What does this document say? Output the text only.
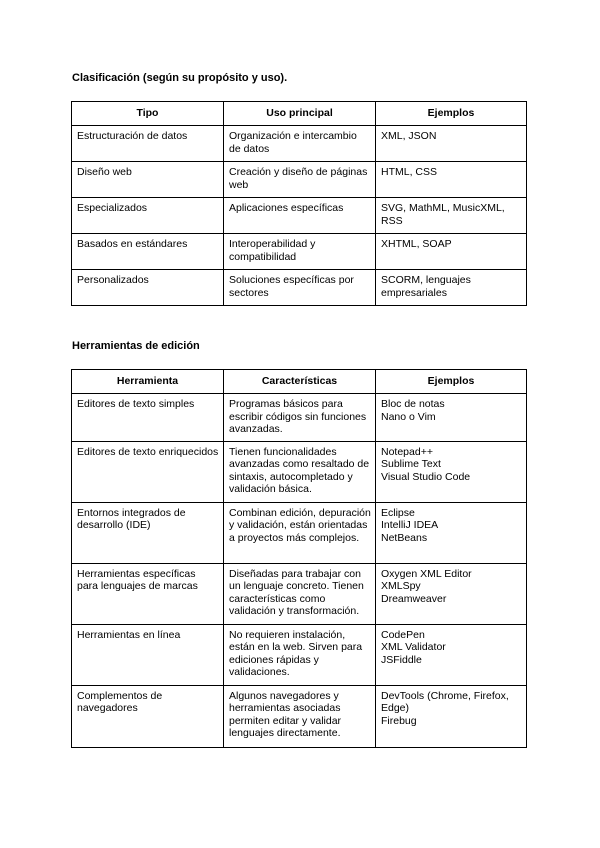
Clasificación (según su propósito y uso).
Tipo	Uso principal	Ejemplos
Estructuración de datos	Organización e intercambio de datos	XML, JSON
Diseño web	Creación y diseño de páginas web	HTML, CSS
Especializados	Aplicaciones específicas	SVG, MathML, MusicXML, RSS
Basados en estándares	Interoperabilidad y compatibilidad	XHTML, SOAP
Personalizados	Soluciones específicas por sectores	SCORM, lenguajes empresariales
Herramientas de edición
Herramienta	Características	Ejemplos
Editores de texto simples	Programas básicos para escribir códigos sin funciones avanzadas.	Bloc de notas
Nano o Vim

Editores de texto enriquecidos	Tienen funcionalidades avanzadas como resaltado de sintaxis, autocompletado y validación básica.	Notepad++
Sublime Text
Visual Studio Code

Entornos integrados de desarrollo (IDE)	Combinan edición, depuración y validación, están orientadas a proyectos más complejos.	Eclipse
IntelliJ IDEA
NetBeans

Herramientas específicas para lenguajes de marcas	Diseñadas para trabajar con un lenguaje concreto. Tienen características como validación y transformación.	Oxygen XML Editor
XMLSpy
Dreamweaver

Herramientas en línea	No requieren instalación, están en la web. Sirven para ediciones rápidas y validaciones.	CodePen
XML Validator
JSFiddle

Complementos de navegadores	Algunos navegadores y herramientas asociadas permiten editar y validar lenguajes directamente.	DevTools (Chrome, Firefox, Edge)
Firebug
